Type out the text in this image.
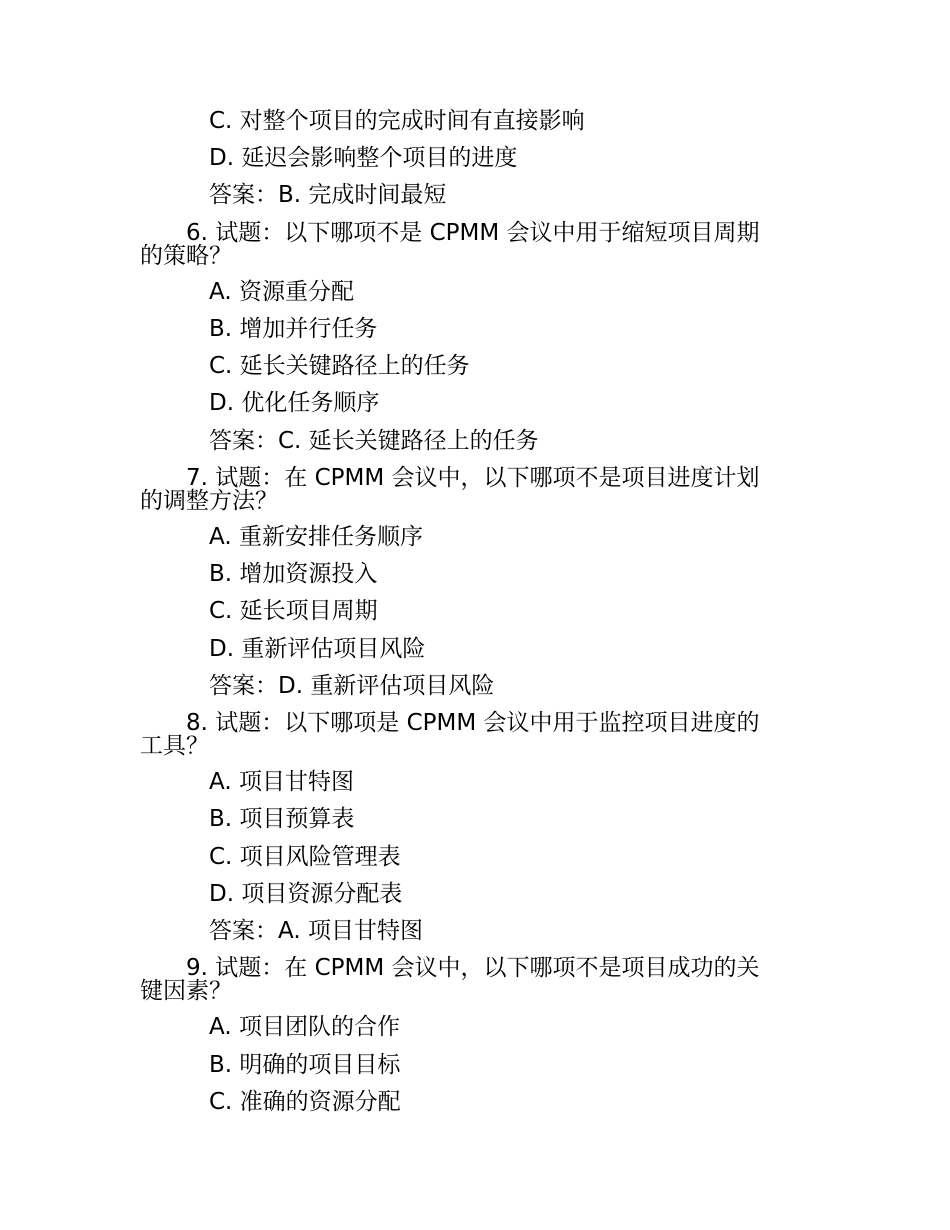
C. 对整个项目的完成时间有直接影响
D. 延迟会影响整个项目的进度
答案：B. 完成时间最短
6. 试题：以下哪项不是 CPMM 会议中用于缩短项目周期
的策略？
A. 资源重分配
B. 增加并行任务
C. 延长关键路径上的任务
D. 优化任务顺序
答案：C. 延长关键路径上的任务
7. 试题：在 CPMM 会议中，以下哪项不是项目进度计划
的调整方法？
A. 重新安排任务顺序
B. 增加资源投入
C. 延长项目周期
D. 重新评估项目风险
答案：D. 重新评估项目风险
8. 试题：以下哪项是 CPMM 会议中用于监控项目进度的
工具？
A. 项目甘特图
B. 项目预算表
C. 项目风险管理表
D. 项目资源分配表
答案：A. 项目甘特图
9. 试题：在 CPMM 会议中，以下哪项不是项目成功的关
键因素？
A. 项目团队的合作
B. 明确的项目目标
C. 准确的资源分配
